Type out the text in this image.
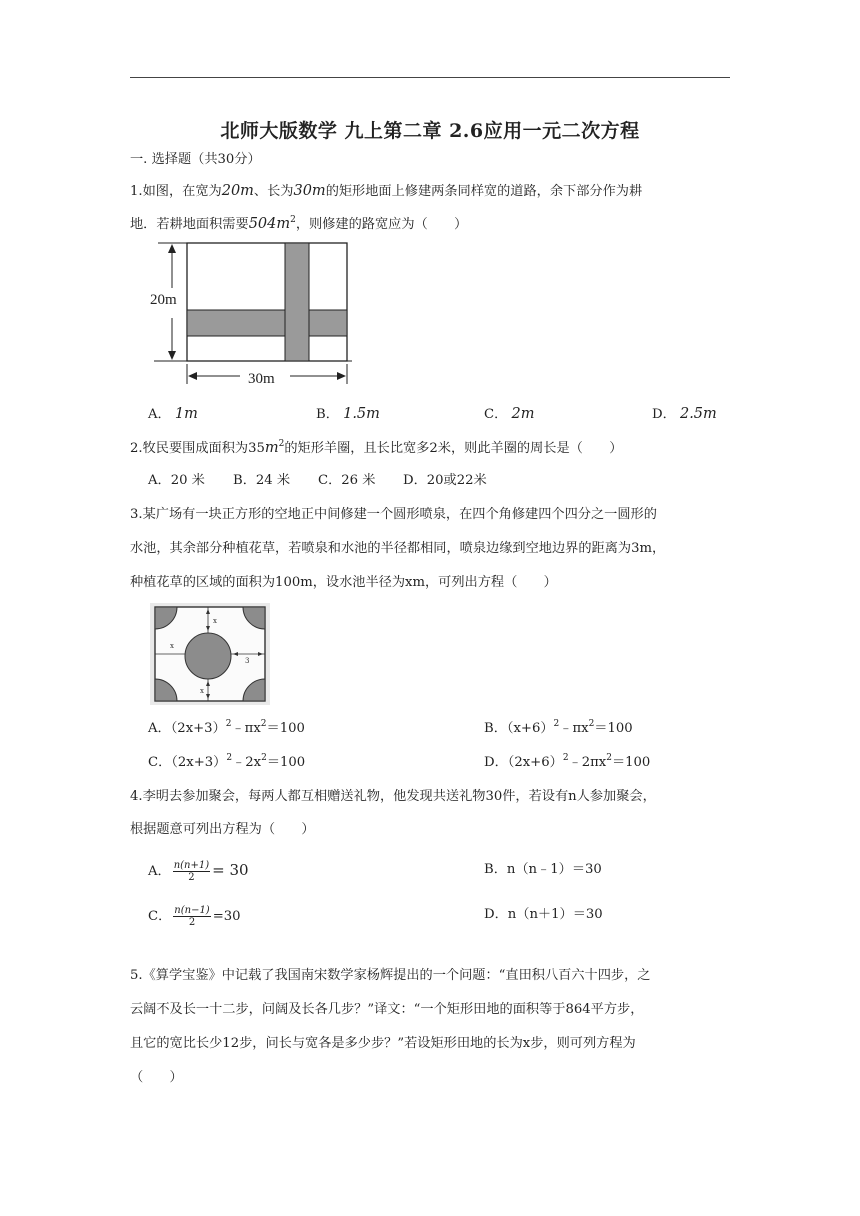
北师大版数学 九上第二章 2.6应用一元二次方程
一. 选择题（共30分）
1.如图，在宽为20m、长为30m的矩形地面上修建两条同样宽的道路，余下部分作为耕
地．若耕地面积需要$504m^2$，则修建的路宽应为（　　）
20m
30m
A． 1m	B． 1.5m	C． 2m	D． 2.5m
2.牧民要围成面积为$35m^2$的矩形羊圈，且长比宽多2米，则此羊圈的周长是（　　）
A．20 米 B．24 米 C．26 米 D．20或22米
3.某广场有一块正方形的空地正中间修建一个圆形喷泉，在四个角修建四个四分之一圆形的
水池，其余部分种植花草，若喷泉和水池的半径都相同，喷泉边缘到空地边界的距离为3m，
种植花草的区域的面积为100m，设水池半径为xm，可列出方程（　　）
x
x
x
3
A．$(2x+3)^2﹣\pi x^2=100$	B．$(x+6)^2﹣\pi x^2=100$
C．$(2x+3)^2﹣2x^2=100$	D．$(2x+6)^2﹣2\pi x^2=100$
4.李明去参加聚会，每两人都互相赠送礼物，他发现共送礼物30件，若设有n人参加聚会，
根据题意可列出方程为（　　）
A． $\frac{n(n+1)}{2} = 30$	B．n（n﹣1）＝30
C． $\frac{n(n-1)}{2} =30$	D．n（n＋1）＝30
5.《算学宝鉴》中记载了我国南宋数学家杨辉提出的一个问题：“直田积八百六十四步，之
云阔不及长一十二步，问阔及长各几步？”译文：“一个矩形田地的面积等于864平方步，
且它的宽比长少12步，问长与宽各是多少步？”若设矩形田地的长为x步，则可列方程为
（　　）
